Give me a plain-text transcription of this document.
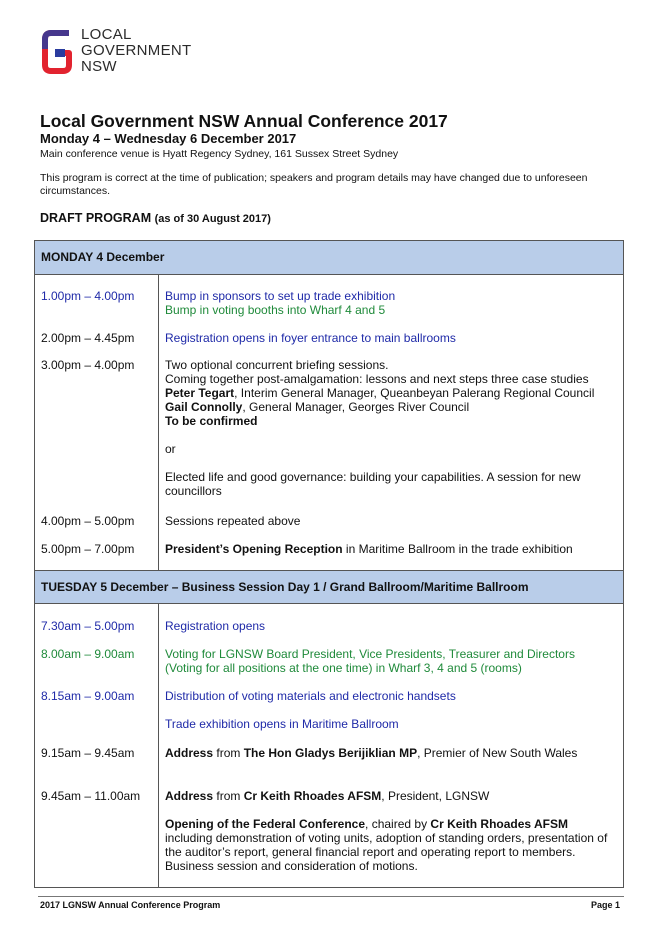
LOCAL
GOVERNMENT
NSW
Local Government NSW Annual Conference 2017
Monday 4 – Wednesday 6 December 2017
Main conference venue is Hyatt Regency Sydney, 161 Sussex Street Sydney
This program is correct at the time of publication; speakers and program details may have changed due to unforeseen circumstances.
DRAFT PROGRAM (as of 30 August 2017)
MONDAY 4 December
1.00pm – 4.00pm	Bump in sponsors to set up trade exhibition
Bump in voting booths into Wharf 4 and 5
2.00pm – 4.45pm	Registration opens in foyer entrance to main ballrooms
3.00pm – 4.00pm	Two optional concurrent briefing sessions.
Coming together post-amalgamation: lessons and next steps three case studies
Peter Tegart, Interim General Manager, Queanbeyan Palerang Regional Council
Gail Connolly, General Manager, Georges River Council
To be confirmed
or
Elected life and good governance: building your capabilities. A session for new councillors
4.00pm – 5.00pm	Sessions repeated above
5.00pm – 7.00pm	President’s Opening Reception in Maritime Ballroom in the trade exhibition
TUESDAY 5 December – Business Session Day 1 / Grand Ballroom/Maritime Ballroom
7.30am – 5.00pm	Registration opens
8.00am – 9.00am	Voting for LGNSW Board President, Vice Presidents, Treasurer and Directors
(Voting for all positions at the one time) in Wharf 3, 4 and 5 (rooms)
8.15am – 9.00am	Distribution of voting materials and electronic handsets
Trade exhibition opens in Maritime Ballroom
9.15am – 9.45am	Address from The Hon Gladys Berijiklian MP, Premier of New South Wales
9.45am – 11.00am	Address from Cr Keith Rhoades AFSM, President, LGNSW
Opening of the Federal Conference, chaired by Cr Keith Rhoades AFSM
including demonstration of voting units, adoption of standing orders, presentation of the auditor’s report, general financial report and operating report to members. Business session and consideration of motions.
2017 LGNSW Annual Conference Program	Page 1
